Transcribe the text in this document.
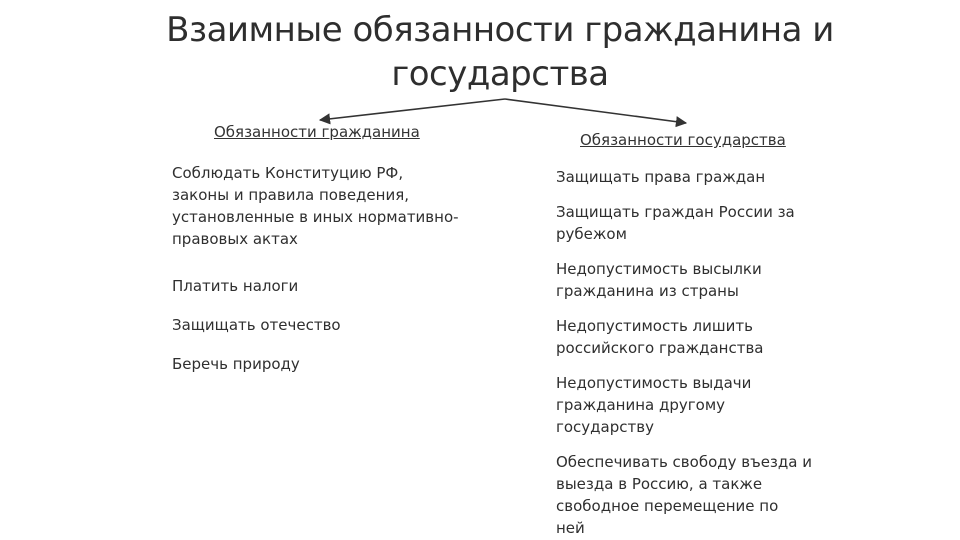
Взаимные обязанности гражданина и
государства
Обязанности гражданина	Обязанности государства
Соблюдать Конституцию РФ,
законы и правила поведения,
установленные в иных нормативно-
правовых актах
Платить налоги
Защищать отечество
Беречь природу
Защищать права граждан
Защищать граждан России за
рубежом
Недопустимость высылки
гражданина из страны
Недопустимость лишить
российского гражданства
Недопустимость выдачи
гражданина другому
государству
Обеспечивать свободу въезда и
выезда в Россию, а также
свободное перемещение по
ней
